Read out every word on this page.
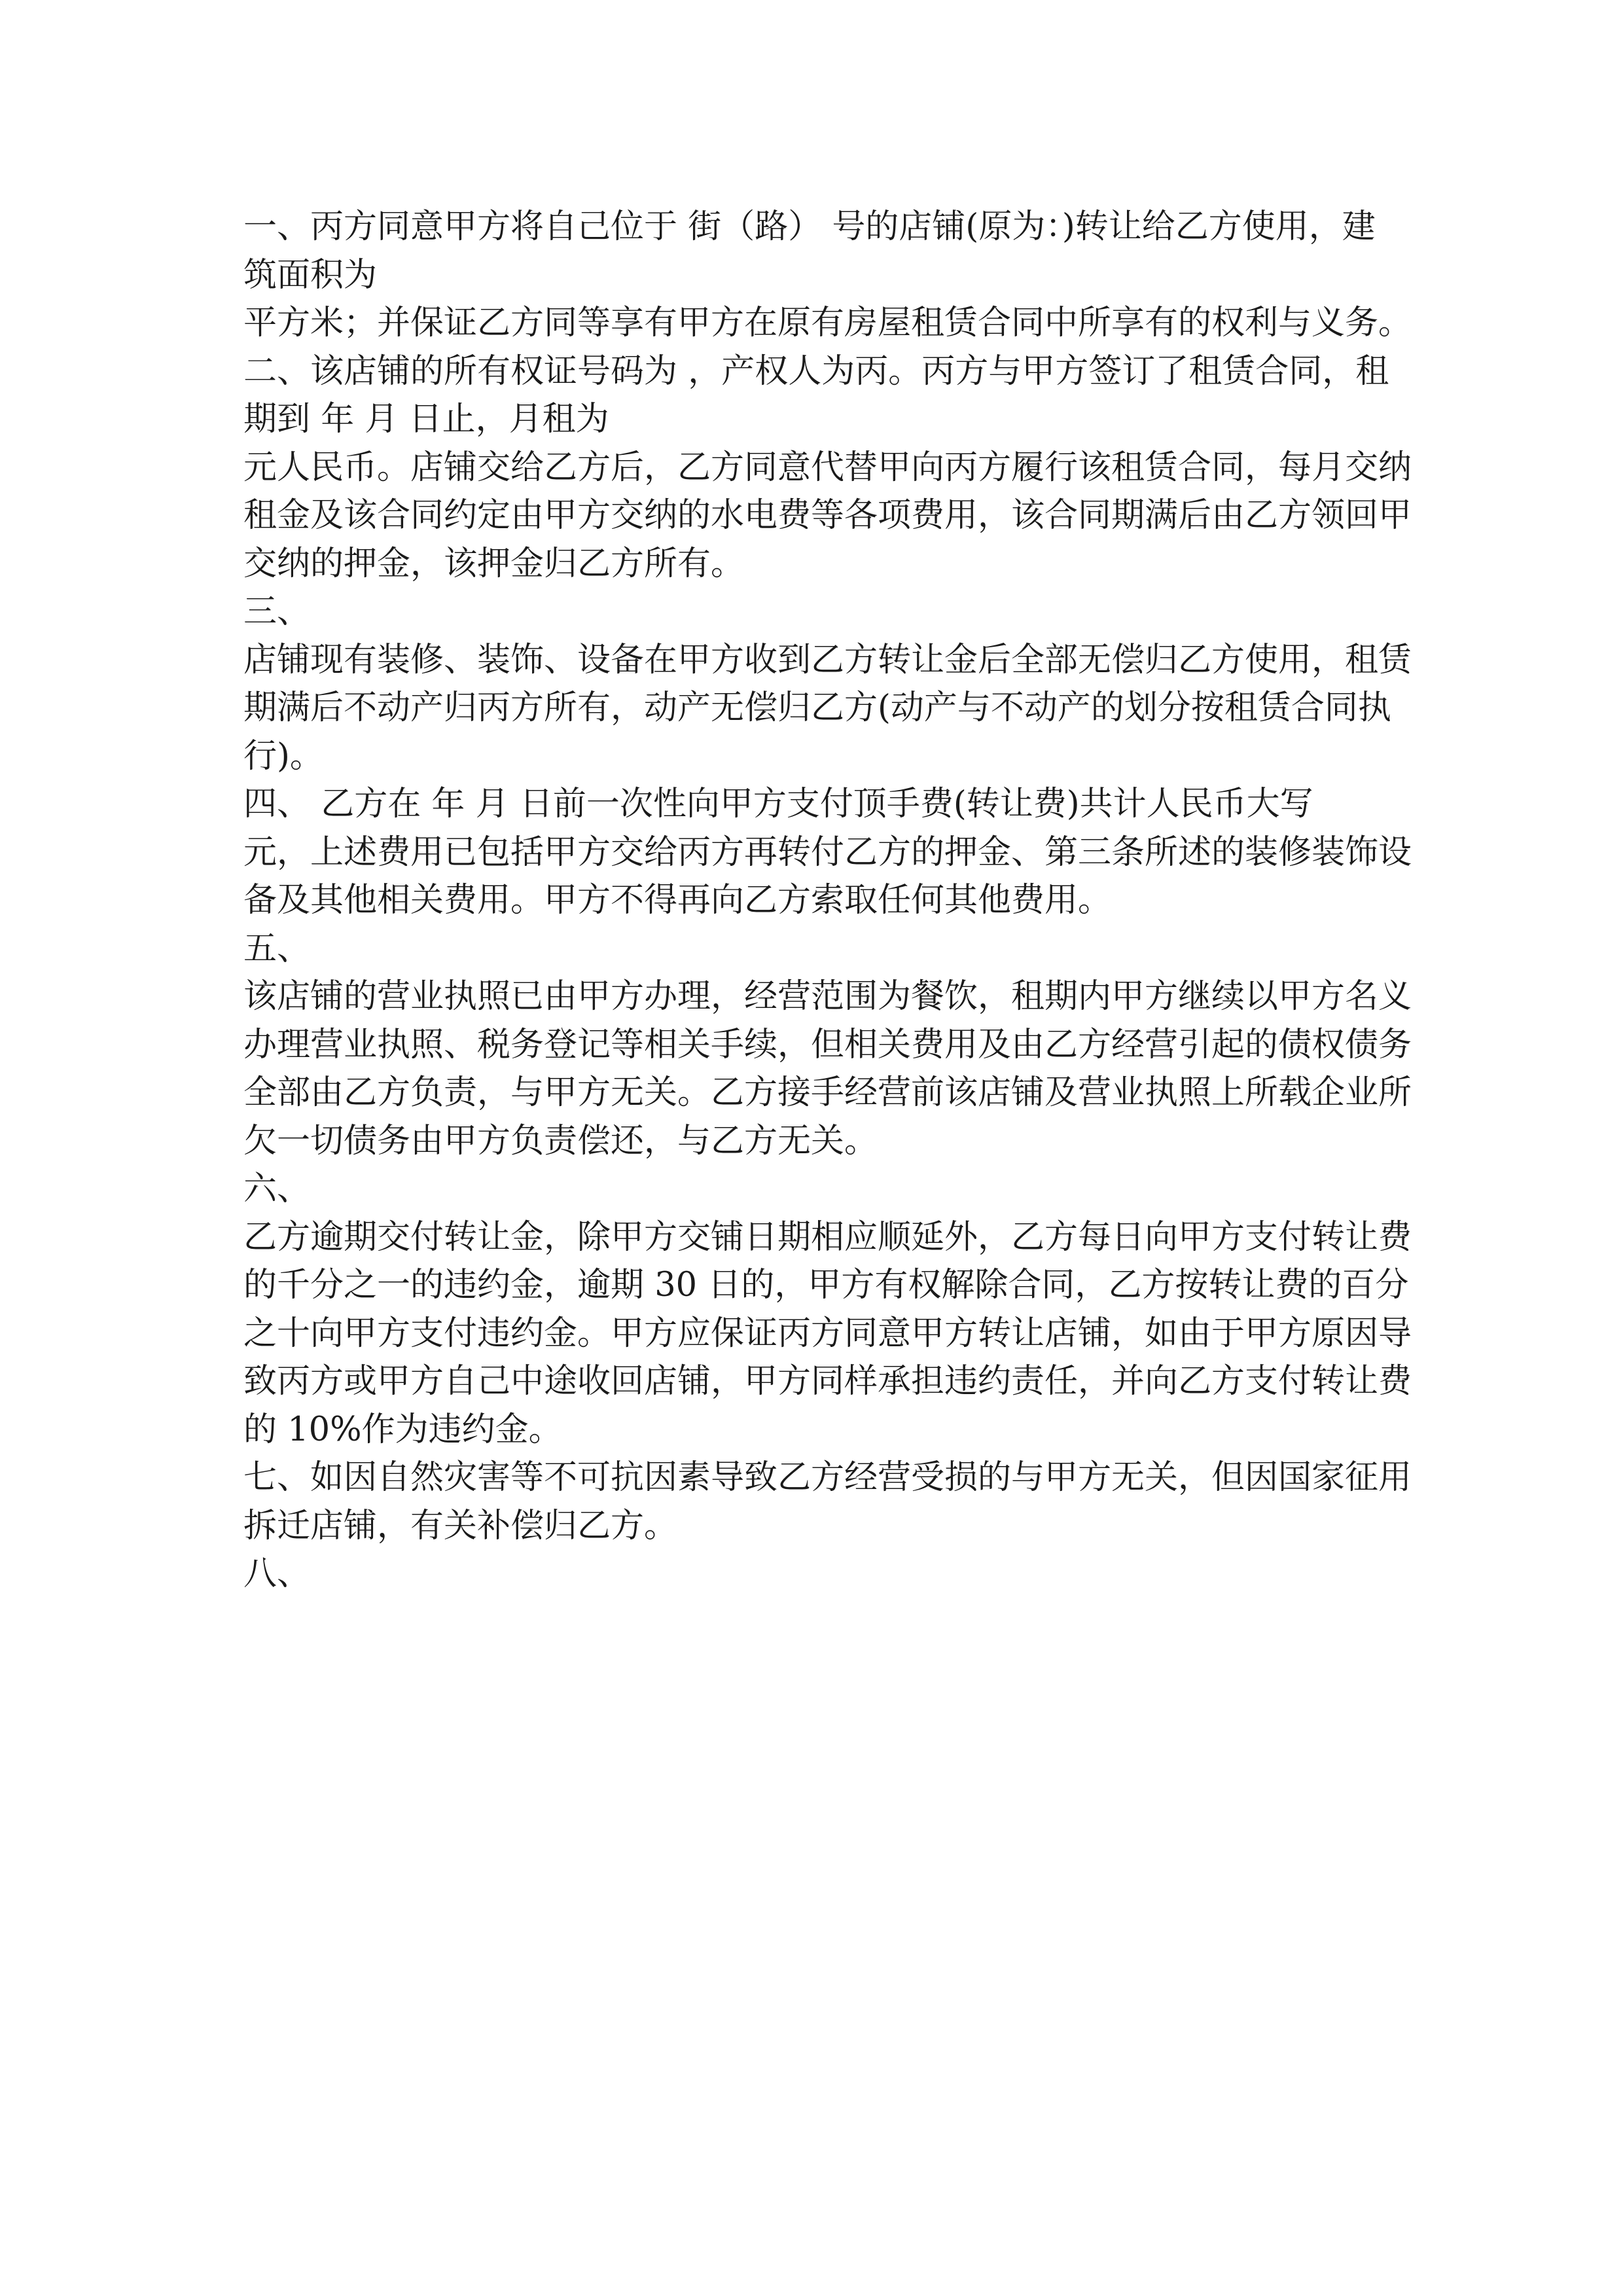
一、丙方同意甲方将自己位于 街（路） 号的店铺(原为：)转让给乙方使用，建
筑面积为
平方米；并保证乙方同等享有甲方在原有房屋租赁合同中所享有的权利与义务。
二、该店铺的所有权证号码为 ，产权人为丙。丙方与甲方签订了租赁合同，租
期到 年 月 日止，月租为
元人民币。店铺交给乙方后，乙方同意代替甲向丙方履行该租赁合同，每月交纳
租金及该合同约定由甲方交纳的水电费等各项费用，该合同期满后由乙方领回甲
交纳的押金，该押金归乙方所有。
三、
店铺现有装修、装饰、设备在甲方收到乙方转让金后全部无偿归乙方使用，租赁
期满后不动产归丙方所有，动产无偿归乙方(动产与不动产的划分按租赁合同执
行)。
四、 乙方在 年 月 日前一次性向甲方支付顶手费(转让费)共计人民币大写
元，上述费用已包括甲方交给丙方再转付乙方的押金、第三条所述的装修装饰设
备及其他相关费用。甲方不得再向乙方索取任何其他费用。
五、
该店铺的营业执照已由甲方办理，经营范围为餐饮，租期内甲方继续以甲方名义
办理营业执照、税务登记等相关手续，但相关费用及由乙方经营引起的债权债务
全部由乙方负责，与甲方无关。乙方接手经营前该店铺及营业执照上所载企业所
欠一切债务由甲方负责偿还，与乙方无关。
六、
乙方逾期交付转让金，除甲方交铺日期相应顺延外，乙方每日向甲方支付转让费
的千分之一的违约金，逾期 30 日的，甲方有权解除合同，乙方按转让费的百分
之十向甲方支付违约金。甲方应保证丙方同意甲方转让店铺，如由于甲方原因导
致丙方或甲方自己中途收回店铺，甲方同样承担违约责任，并向乙方支付转让费
的 10%作为违约金。
七、如因自然灾害等不可抗因素导致乙方经营受损的与甲方无关，但因国家征用
拆迁店铺，有关补偿归乙方。
八、
